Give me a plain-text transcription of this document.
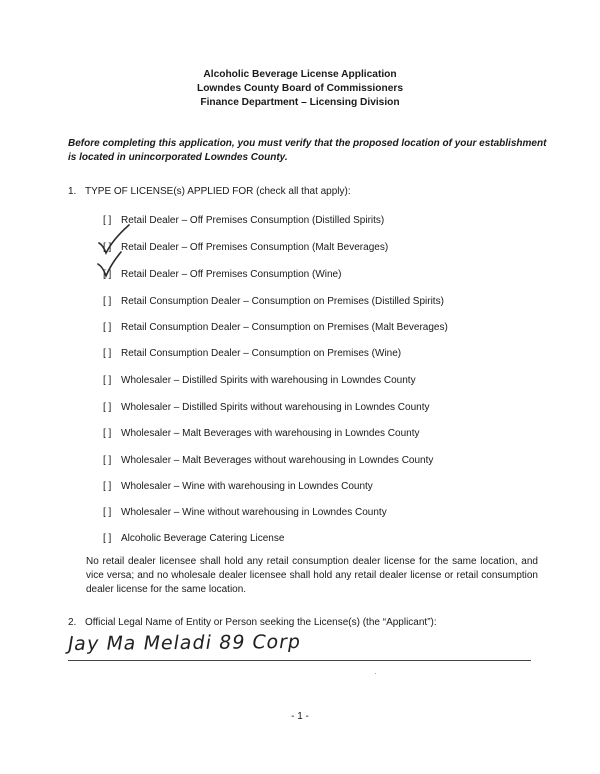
Alcoholic Beverage License Application
Lowndes County Board of Commissioners
Finance Department – Licensing Division
Before completing this application, you must verify that the proposed location of your establishment is located in unincorporated Lowndes County.
1. TYPE OF LICENSE(s) APPLIED FOR (check all that apply):
[ ] Retail Dealer – Off Premises Consumption (Distilled Spirits)
[ ] Retail Dealer – Off Premises Consumption (Malt Beverages)
[ ] Retail Dealer – Off Premises Consumption (Wine)
[ ] Retail Consumption Dealer – Consumption on Premises (Distilled Spirits)
[ ] Retail Consumption Dealer – Consumption on Premises (Malt Beverages)
[ ] Retail Consumption Dealer – Consumption on Premises (Wine)
[ ] Wholesaler – Distilled Spirits with warehousing in Lowndes County
[ ] Wholesaler – Distilled Spirits without warehousing in Lowndes County
[ ] Wholesaler – Malt Beverages with warehousing in Lowndes County
[ ] Wholesaler – Malt Beverages without warehousing in Lowndes County
[ ] Wholesaler – Wine with warehousing in Lowndes County
[ ] Wholesaler – Wine without warehousing in Lowndes County
[ ] Alcoholic Beverage Catering License
No retail dealer licensee shall hold any retail consumption dealer license for the same location, and vice versa; and no wholesale dealer licensee shall hold any retail dealer license or retail consumption dealer license for the same location.
2. Official Legal Name of Entity or Person seeking the License(s) (the “Applicant”):
Jay Ma Meladi 89 Corp
·
- 1 -
